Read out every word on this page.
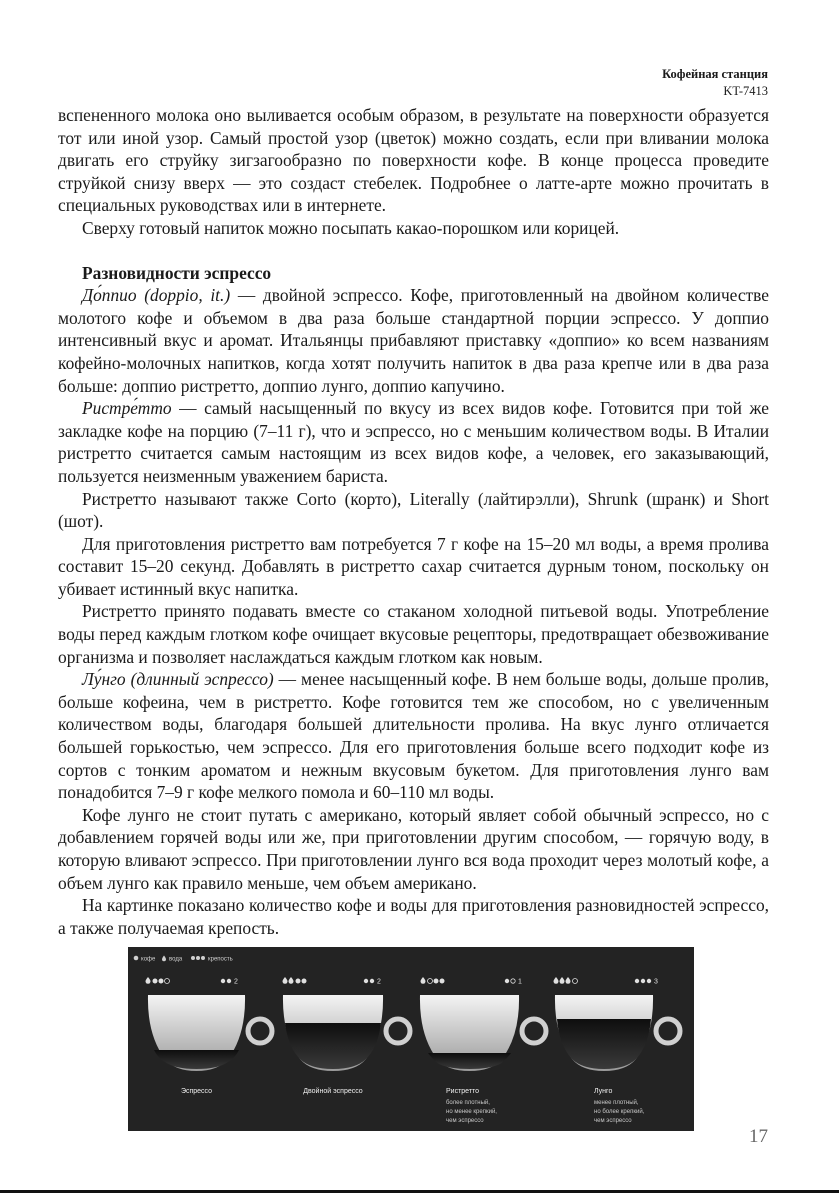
Кофейная станция
KT-7413

вспененного молока оно выливается особым образом, в результате на поверхности образуется тот или иной узор. Самый простой узор (цветок) можно создать, если при вливании молока двигать его струйку зигзагообразно по поверхности кофе. В конце процесса проведите струйкой снизу вверх — это создаст стебелек. Подробнее о латте-арте можно прочитать в специальных руководствах или в интернете.

Сверху готовый напиток можно посыпать какао-порошком или корицей.

Разновидности эспрессо

До́ппио (doppio, it.) — двойной эспрессо. Кофе, приготовленный на двойном количестве молотого кофе и объемом в два раза больше стандартной порции эспрессо. У доппио интенсивный вкус и аромат. Итальянцы прибавляют приставку «доппио» ко всем названиям кофейно-молочных напитков, когда хотят получить напиток в два раза крепче или в два раза больше: доппио ристретто, доппио лунго, доппио капучино.

Ристре́тто — самый насыщенный по вкусу из всех видов кофе. Готовится при той же закладке кофе на порцию (7–11 г), что и эспрессо, но с меньшим количеством воды. В Италии ристретто считается самым настоящим из всех видов кофе, а человек, его заказывающий, пользуется неизменным уважением бариста.

Ристретто называют также Corto (корто), Literally (лайтирэлли), Shrunk (шранк) и Short (шот).

Для приготовления ристретто вам потребуется 7 г кофе на 15–20 мл воды, а время пролива составит 15–20 секунд. Добавлять в ристретто сахар считается дурным тоном, поскольку он убивает истинный вкус напитка.

Ристретто принято подавать вместе со стаканом холодной питьевой воды. Употребление воды перед каждым глотком кофе очищает вкусовые рецепторы, предотвращает обезвоживание организма и позволяет наслаждаться каждым глотком как новым.

Лу́нго (длинный эспрессо) — менее насыщенный кофе. В нем больше воды, дольше пролив, больше кофеина, чем в ристретто. Кофе готовится тем же способом, но с увеличенным количеством воды, благодаря большей длительности пролива. На вкус лунго отличается большей горькостью, чем эспрессо. Для его приготовления больше всего подходит кофе из сортов с тонким ароматом и нежным вкусовым букетом. Для приготовления лунго вам понадобится 7–9 г кофе мелкого помола и 60–110 мл воды.

Кофе лунго не стоит путать с американо, который являет собой обычный эспрессо, но с добавлением горячей воды или же, при приготовлении другим способом, — горячую воду, в которую вливают эспрессо. При приготовлении лунго вся вода проходит через молотый кофе, а объем лунго как правило меньше, чем объем американо.

На картинке показано количество кофе и воды для приготовления разновидностей эспрессо, а также получаемая крепость.

кофе вода	крепость
2
Эспрессо
2
Двойной эспрессо
1
Ристретто
более плотный,
но менее крепкий,
чем эспрессо
3
Лунго
менее плотный,
но более крепкий,
чем эспрессо
17
